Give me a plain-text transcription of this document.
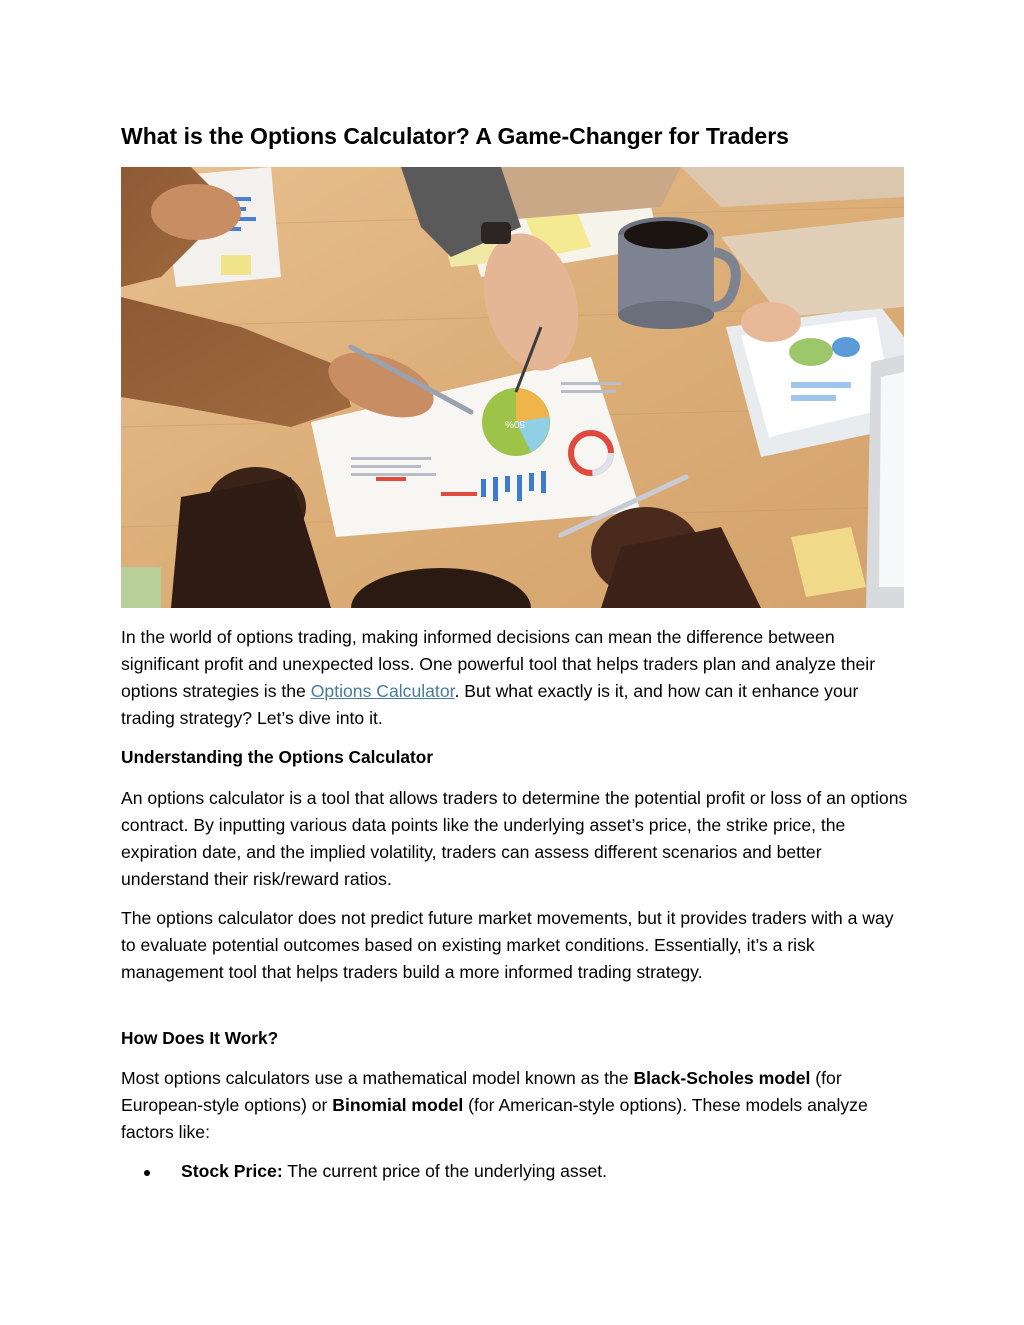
What is the Options Calculator? A Game-Changer for Traders
50%

In the world of options trading, making informed decisions can mean the difference between significant profit and unexpected loss. One powerful tool that helps traders plan and analyze their options strategies is the Options Calculator. But what exactly is it, and how can it enhance your trading strategy? Let’s dive into it.

Understanding the Options Calculator

An options calculator is a tool that allows traders to determine the potential profit or loss of an options contract. By inputting various data points like the underlying asset’s price, the strike price, the expiration date, and the implied volatility, traders can assess different scenarios and better understand their risk/reward ratios.

The options calculator does not predict future market movements, but it provides traders with a way to evaluate potential outcomes based on existing market conditions. Essentially, it’s a risk management tool that helps traders build a more informed trading strategy.

How Does It Work?

Most options calculators use a mathematical model known as the Black-Scholes model (for European-style options) or Binomial model (for American-style options). These models analyze factors like:

Stock Price: The current price of the underlying asset.
